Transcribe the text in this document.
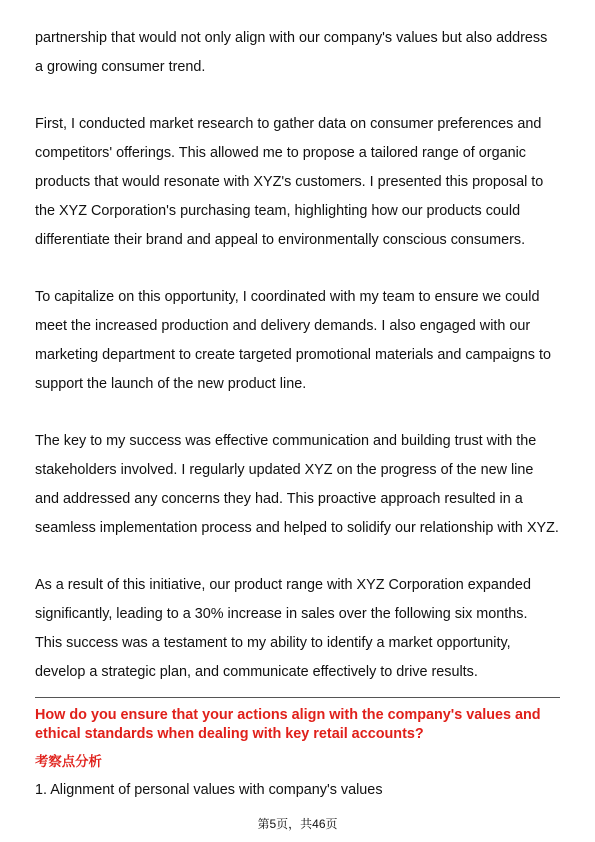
partnership that would not only align with our company's values but also address
a growing consumer trend.

First, I conducted market research to gather data on consumer preferences and
competitors' offerings. This allowed me to propose a tailored range of organic
products that would resonate with XYZ's customers. I presented this proposal to
the XYZ Corporation's purchasing team, highlighting how our products could
differentiate their brand and appeal to environmentally conscious consumers.

To capitalize on this opportunity, I coordinated with my team to ensure we could
meet the increased production and delivery demands. I also engaged with our
marketing department to create targeted promotional materials and campaigns to
support the launch of the new product line.

The key to my success was effective communication and building trust with the
stakeholders involved. I regularly updated XYZ on the progress of the new line
and addressed any concerns they had. This proactive approach resulted in a
seamless implementation process and helped to solidify our relationship with XYZ.

As a result of this initiative, our product range with XYZ Corporation expanded
significantly, leading to a 30% increase in sales over the following six months.
This success was a testament to my ability to identify a market opportunity,
develop a strategic plan, and communicate effectively to drive results.

How do you ensure that your actions align with the company's values and ethical standards when dealing with key retail accounts?
考察点分析

1. Alignment of personal values with company's values

第5页，共46页
